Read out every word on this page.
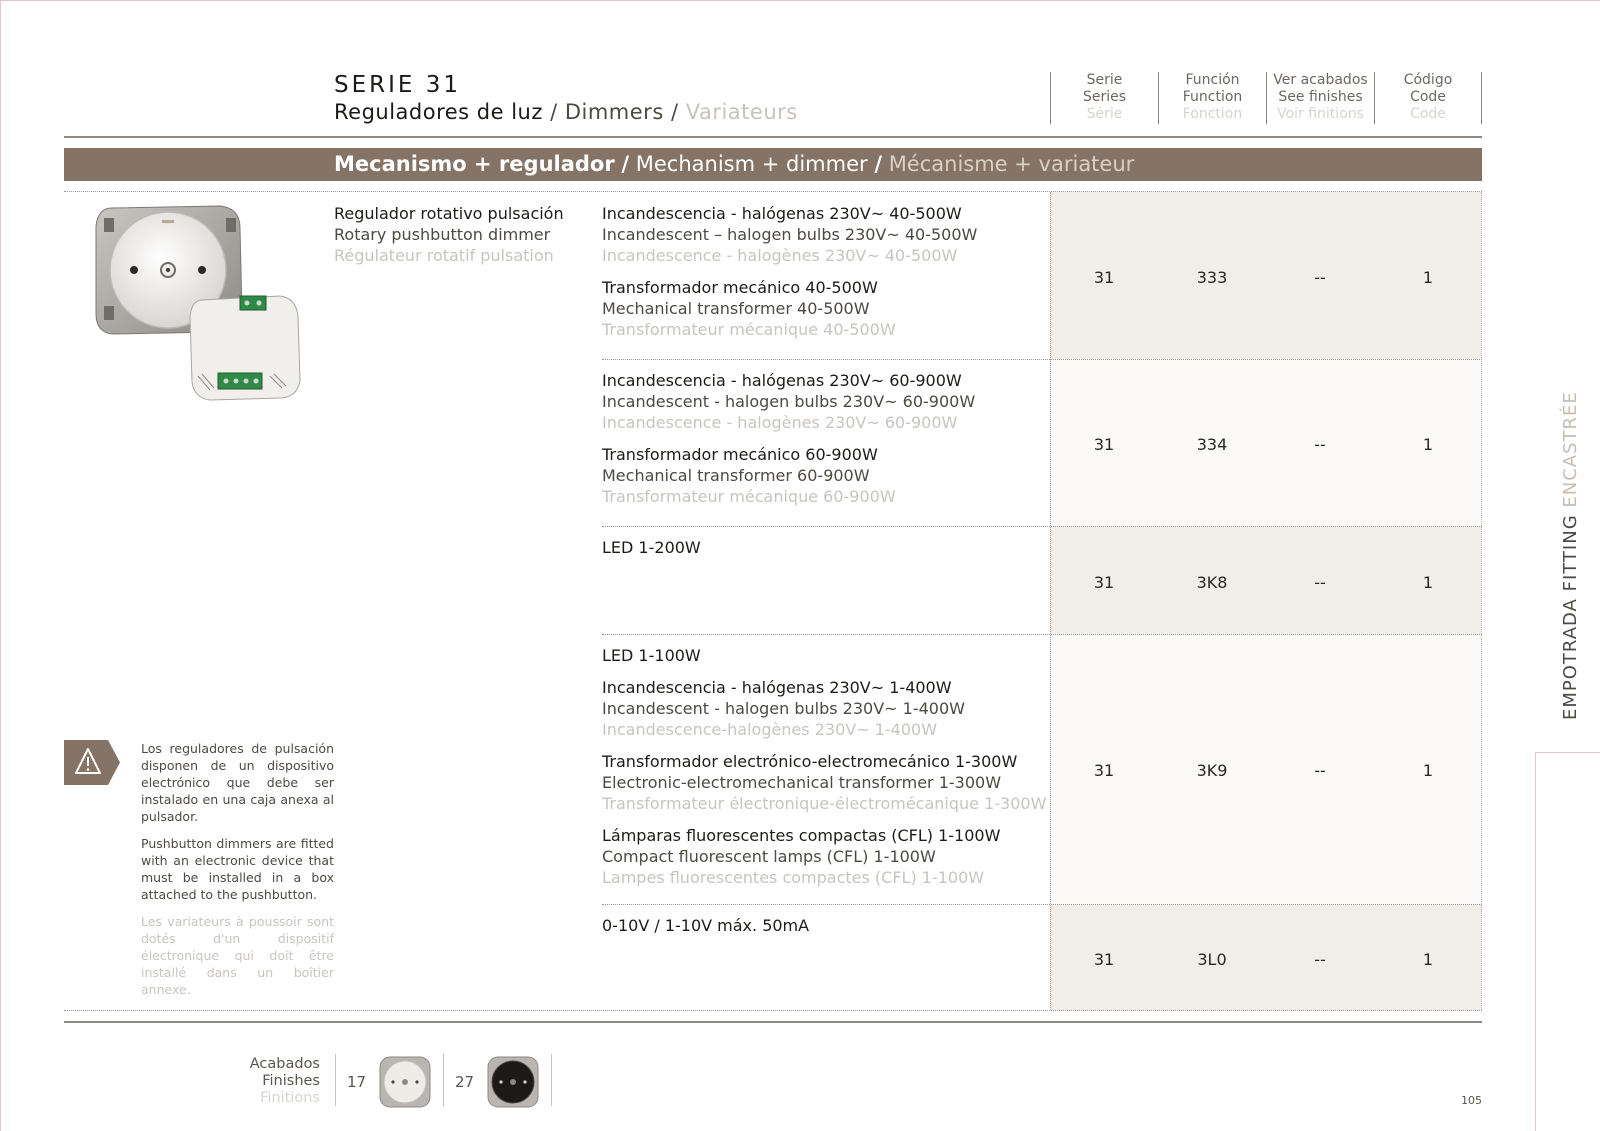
SERIE 31
Reguladores de luz / Dimmers / Variateurs
Serie
Series
Série
Función
Function
Fonction
Ver acabados
See finishes
Voir finitions
Código
Code
Code
Mecanismo + regulador / Mechanism + dimmer / Mécanisme + variateur
Regulador rotativo pulsación
Rotary pushbutton dimmer
Régulateur rotatif pulsation
Incandescencia - halógenas 230V~ 40-500W
Incandescent – halogen bulbs 230V~ 40-500W
Incandescence - halogènes 230V~ 40-500W
Transformador mecánico 40-500W
Mechanical transformer 40-500W
Transformateur mécanique 40-500W
31	333	--	1
Incandescencia - halógenas 230V~ 60-900W
Incandescent - halogen bulbs 230V~ 60-900W
Incandescence - halogènes 230V~ 60-900W
Transformador mecánico 60-900W
Mechanical transformer 60-900W
Transformateur mécanique 60-900W
31	334	--	1
LED 1-200W
31	3K8	--	1
LED 1-100W
Incandescencia - halógenas 230V~ 1-400W
Incandescent - halogen bulbs 230V~ 1-400W
Incandescence-halogènes 230V~ 1-400W
Transformador electrónico-electromecánico 1-300W
Electronic-electromechanical transformer 1-300W
Transformateur électronique-électromécanique 1-300W
Lámparas fluorescentes compactas (CFL) 1-100W
Compact fluorescent lamps (CFL) 1-100W
Lampes fluorescentes compactes (CFL) 1-100W
31	3K9	--	1
0-10V / 1-10V máx. 50mA
31	3L0	--	1

Los reguladores de pulsación disponen de un dispositivo electrónico que debe ser instalado en una caja anexa al pulsador.

Pushbutton dimmers are fitted with an electronic device that must be installed in a box attached to the pushbutton.

Les variateurs à poussoir sont dotés d'un dispositif électronique qui doit être installé dans un boîtier annexe.

Acabados
Finishes
Finitions
17	27
EMPOTRADA FITTING ENCASTRÉE
105
